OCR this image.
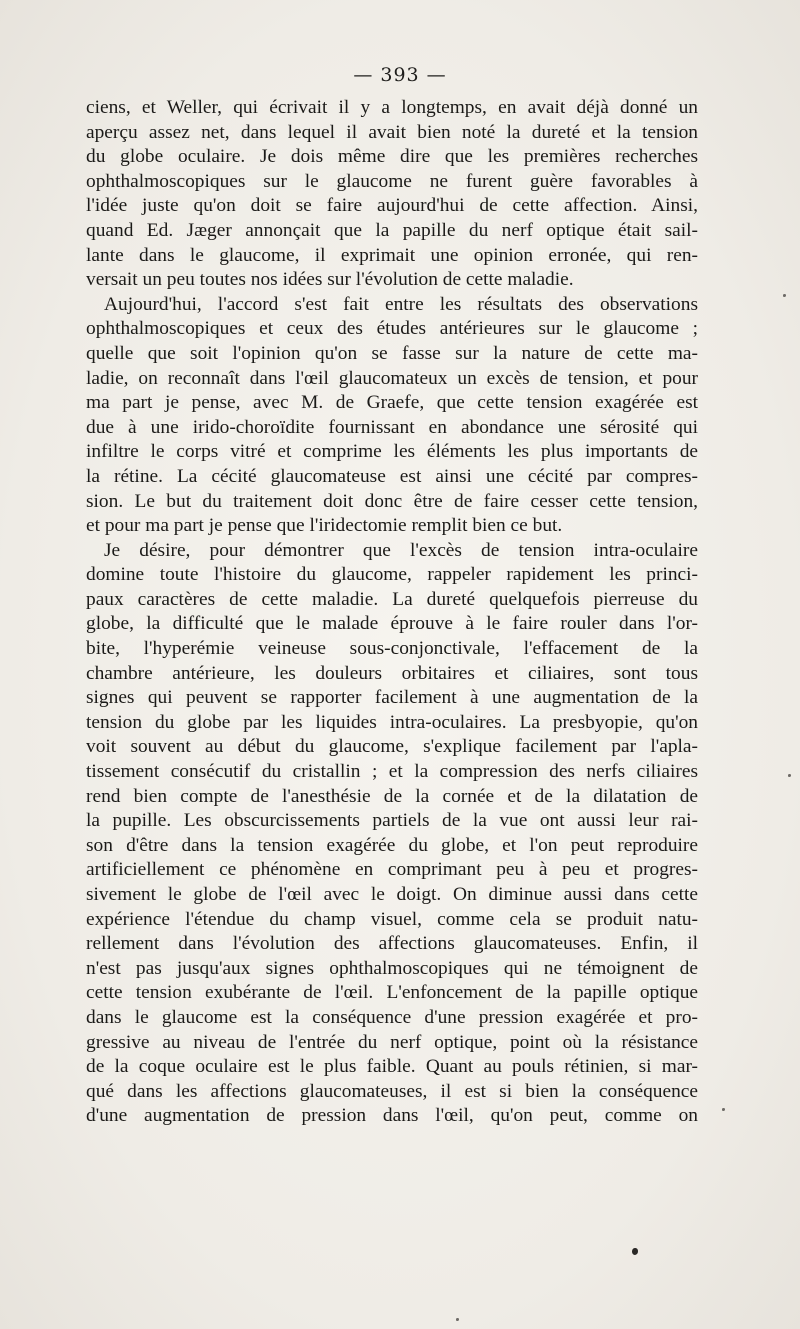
— 393 —
ciens, et Weller, qui écrivait il y a longtemps, en avait déjà donné un
aperçu assez net, dans lequel il avait bien noté la dureté et la tension
du globe oculaire. Je dois même dire que les premières recherches
ophthalmoscopiques sur le glaucome ne furent guère favorables à
l'idée juste qu'on doit se faire aujourd'hui de cette affection. Ainsi,
quand Ed. Jæger annonçait que la papille du nerf optique était sail-
lante dans le glaucome, il exprimait une opinion erronée, qui ren-
versait un peu toutes nos idées sur l'évolution de cette maladie.
Aujourd'hui, l'accord s'est fait entre les résultats des observations
ophthalmoscopiques et ceux des études antérieures sur le glaucome ;
quelle que soit l'opinion qu'on se fasse sur la nature de cette ma-
ladie, on reconnaît dans l'œil glaucomateux un excès de tension, et pour
ma part je pense, avec M. de Graefe, que cette tension exagérée est
due à une irido-choroïdite fournissant en abondance une sérosité qui
infiltre le corps vitré et comprime les éléments les plus importants de
la rétine. La cécité glaucomateuse est ainsi une cécité par compres-
sion. Le but du traitement doit donc être de faire cesser cette tension,
et pour ma part je pense que l'iridectomie remplit bien ce but.
Je désire, pour démontrer que l'excès de tension intra-oculaire
domine toute l'histoire du glaucome, rappeler rapidement les princi-
paux caractères de cette maladie. La dureté quelquefois pierreuse du
globe, la difficulté que le malade éprouve à le faire rouler dans l'or-
bite, l'hyperémie veineuse sous-conjonctivale, l'effacement de la
chambre antérieure, les douleurs orbitaires et ciliaires, sont tous
signes qui peuvent se rapporter facilement à une augmentation de la
tension du globe par les liquides intra-oculaires. La presbyopie, qu'on
voit souvent au début du glaucome, s'explique facilement par l'apla-
tissement consécutif du cristallin ; et la compression des nerfs ciliaires
rend bien compte de l'anesthésie de la cornée et de la dilatation de
la pupille. Les obscurcissements partiels de la vue ont aussi leur rai-
son d'être dans la tension exagérée du globe, et l'on peut reproduire
artificiellement ce phénomène en comprimant peu à peu et progres-
sivement le globe de l'œil avec le doigt. On diminue aussi dans cette
expérience l'étendue du champ visuel, comme cela se produit natu-
rellement dans l'évolution des affections glaucomateuses. Enfin, il
n'est pas jusqu'aux signes ophthalmoscopiques qui ne témoignent de
cette tension exubérante de l'œil. L'enfoncement de la papille optique
dans le glaucome est la conséquence d'une pression exagérée et pro-
gressive au niveau de l'entrée du nerf optique, point où la résistance
de la coque oculaire est le plus faible. Quant au pouls rétinien, si mar-
qué dans les affections glaucomateuses, il est si bien la conséquence
d'une augmentation de pression dans l'œil, qu'on peut, comme on
